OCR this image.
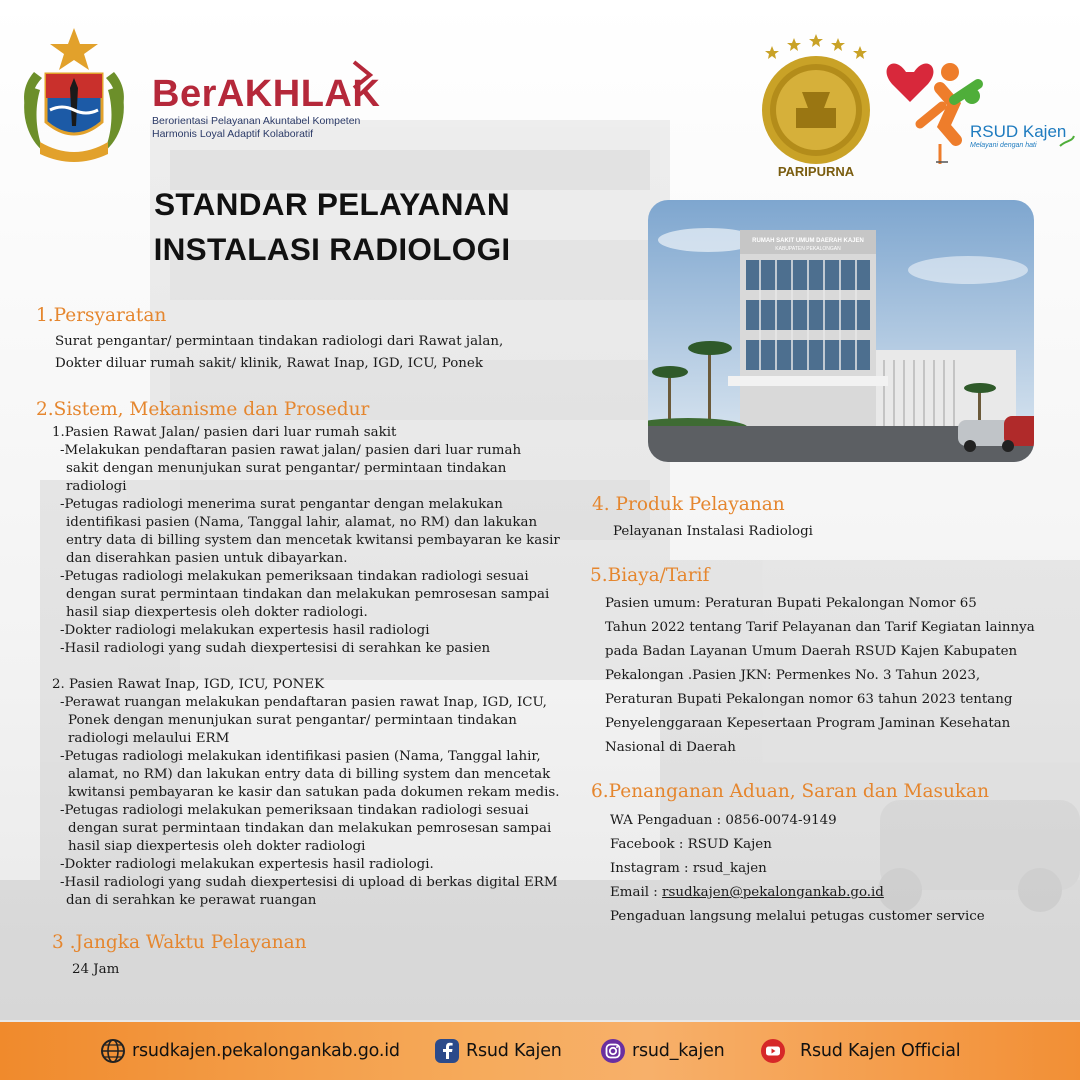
BerAKHLAK
Berorientasi Pelayanan Akuntabel Kompeten
Harmonis Loyal Adaptif Kolaboratif
PARIPURNA
RSUD Kajen
Melayani dengan hati
STANDAR PELAYANAN
INSTALASI RADIOLOGI	RUMAH SAKIT UMUM DAERAH KAJEN
KABUPATEN PEKALONGAN
1.Persyaratan
Surat pengantar/ permintaan tindakan radiologi dari Rawat jalan,
Dokter diluar rumah sakit/ klinik, Rawat Inap, IGD, ICU, Ponek
2.Sistem, Mekanisme dan Prosedur
1.Pasien Rawat Jalan/ pasien dari luar rumah sakit
-Melakukan pendaftaran pasien rawat jalan/ pasien dari luar rumah
sakit dengan menunjukan surat pengantar/ permintaan tindakan
radiologi
-Petugas radiologi menerima surat pengantar dengan melakukan
identifikasi pasien (Nama, Tanggal lahir, alamat, no RM) dan lakukan
entry data di billing system dan mencetak kwitansi pembayaran ke kasir
dan diserahkan pasien untuk dibayarkan.
-Petugas radiologi melakukan pemeriksaan tindakan radiologi sesuai
dengan surat permintaan tindakan dan melakukan pemrosesan sampai
hasil siap diexpertesis oleh dokter radiologi.
-Dokter radiologi melakukan expertesis hasil radiologi
-Hasil radiologi yang sudah diexpertesisi di serahkan ke pasien
2. Pasien Rawat Inap, IGD, ICU, PONEK
-Perawat ruangan melakukan pendaftaran pasien rawat Inap, IGD, ICU,
Ponek dengan menunjukan surat pengantar/ permintaan tindakan
radiologi melaului ERM
-Petugas radiologi melakukan identifikasi pasien (Nama, Tanggal lahir,
alamat, no RM) dan lakukan entry data di billing system dan mencetak
kwitansi pembayaran ke kasir dan satukan pada dokumen rekam medis.
-Petugas radiologi melakukan pemeriksaan tindakan radiologi sesuai
dengan surat permintaan tindakan dan melakukan pemrosesan sampai
hasil siap diexpertesis oleh dokter radiologi
-Dokter radiologi melakukan expertesis hasil radiologi.
-Hasil radiologi yang sudah diexpertesisi di upload di berkas digital ERM
dan di serahkan ke perawat ruangan
3 .Jangka Waktu Pelayanan
24 Jam
4. Produk Pelayanan
Pelayanan Instalasi Radiologi
5.Biaya/Tarif
Pasien umum: Peraturan Bupati Pekalongan Nomor 65
Tahun 2022 tentang Tarif Pelayanan dan Tarif Kegiatan lainnya
pada Badan Layanan Umum Daerah RSUD Kajen Kabupaten
Pekalongan .Pasien JKN: Permenkes No. 3 Tahun 2023,
Peraturan Bupati Pekalongan nomor 63 tahun 2023 tentang
Penyelenggaraan Kepesertaan Program Jaminan Kesehatan
Nasional di Daerah
6.Penanganan Aduan, Saran dan Masukan
WA Pengaduan : 0856-0074-9149
Facebook : RSUD Kajen
Instagram : rsud_kajen
Email : rsudkajen@pekalongankab.go.id
Pengaduan langsung melalui petugas customer service
rsudkajen.pekalongankab.go.id	Rsud Kajen	rsud_kajen	Rsud Kajen Official
